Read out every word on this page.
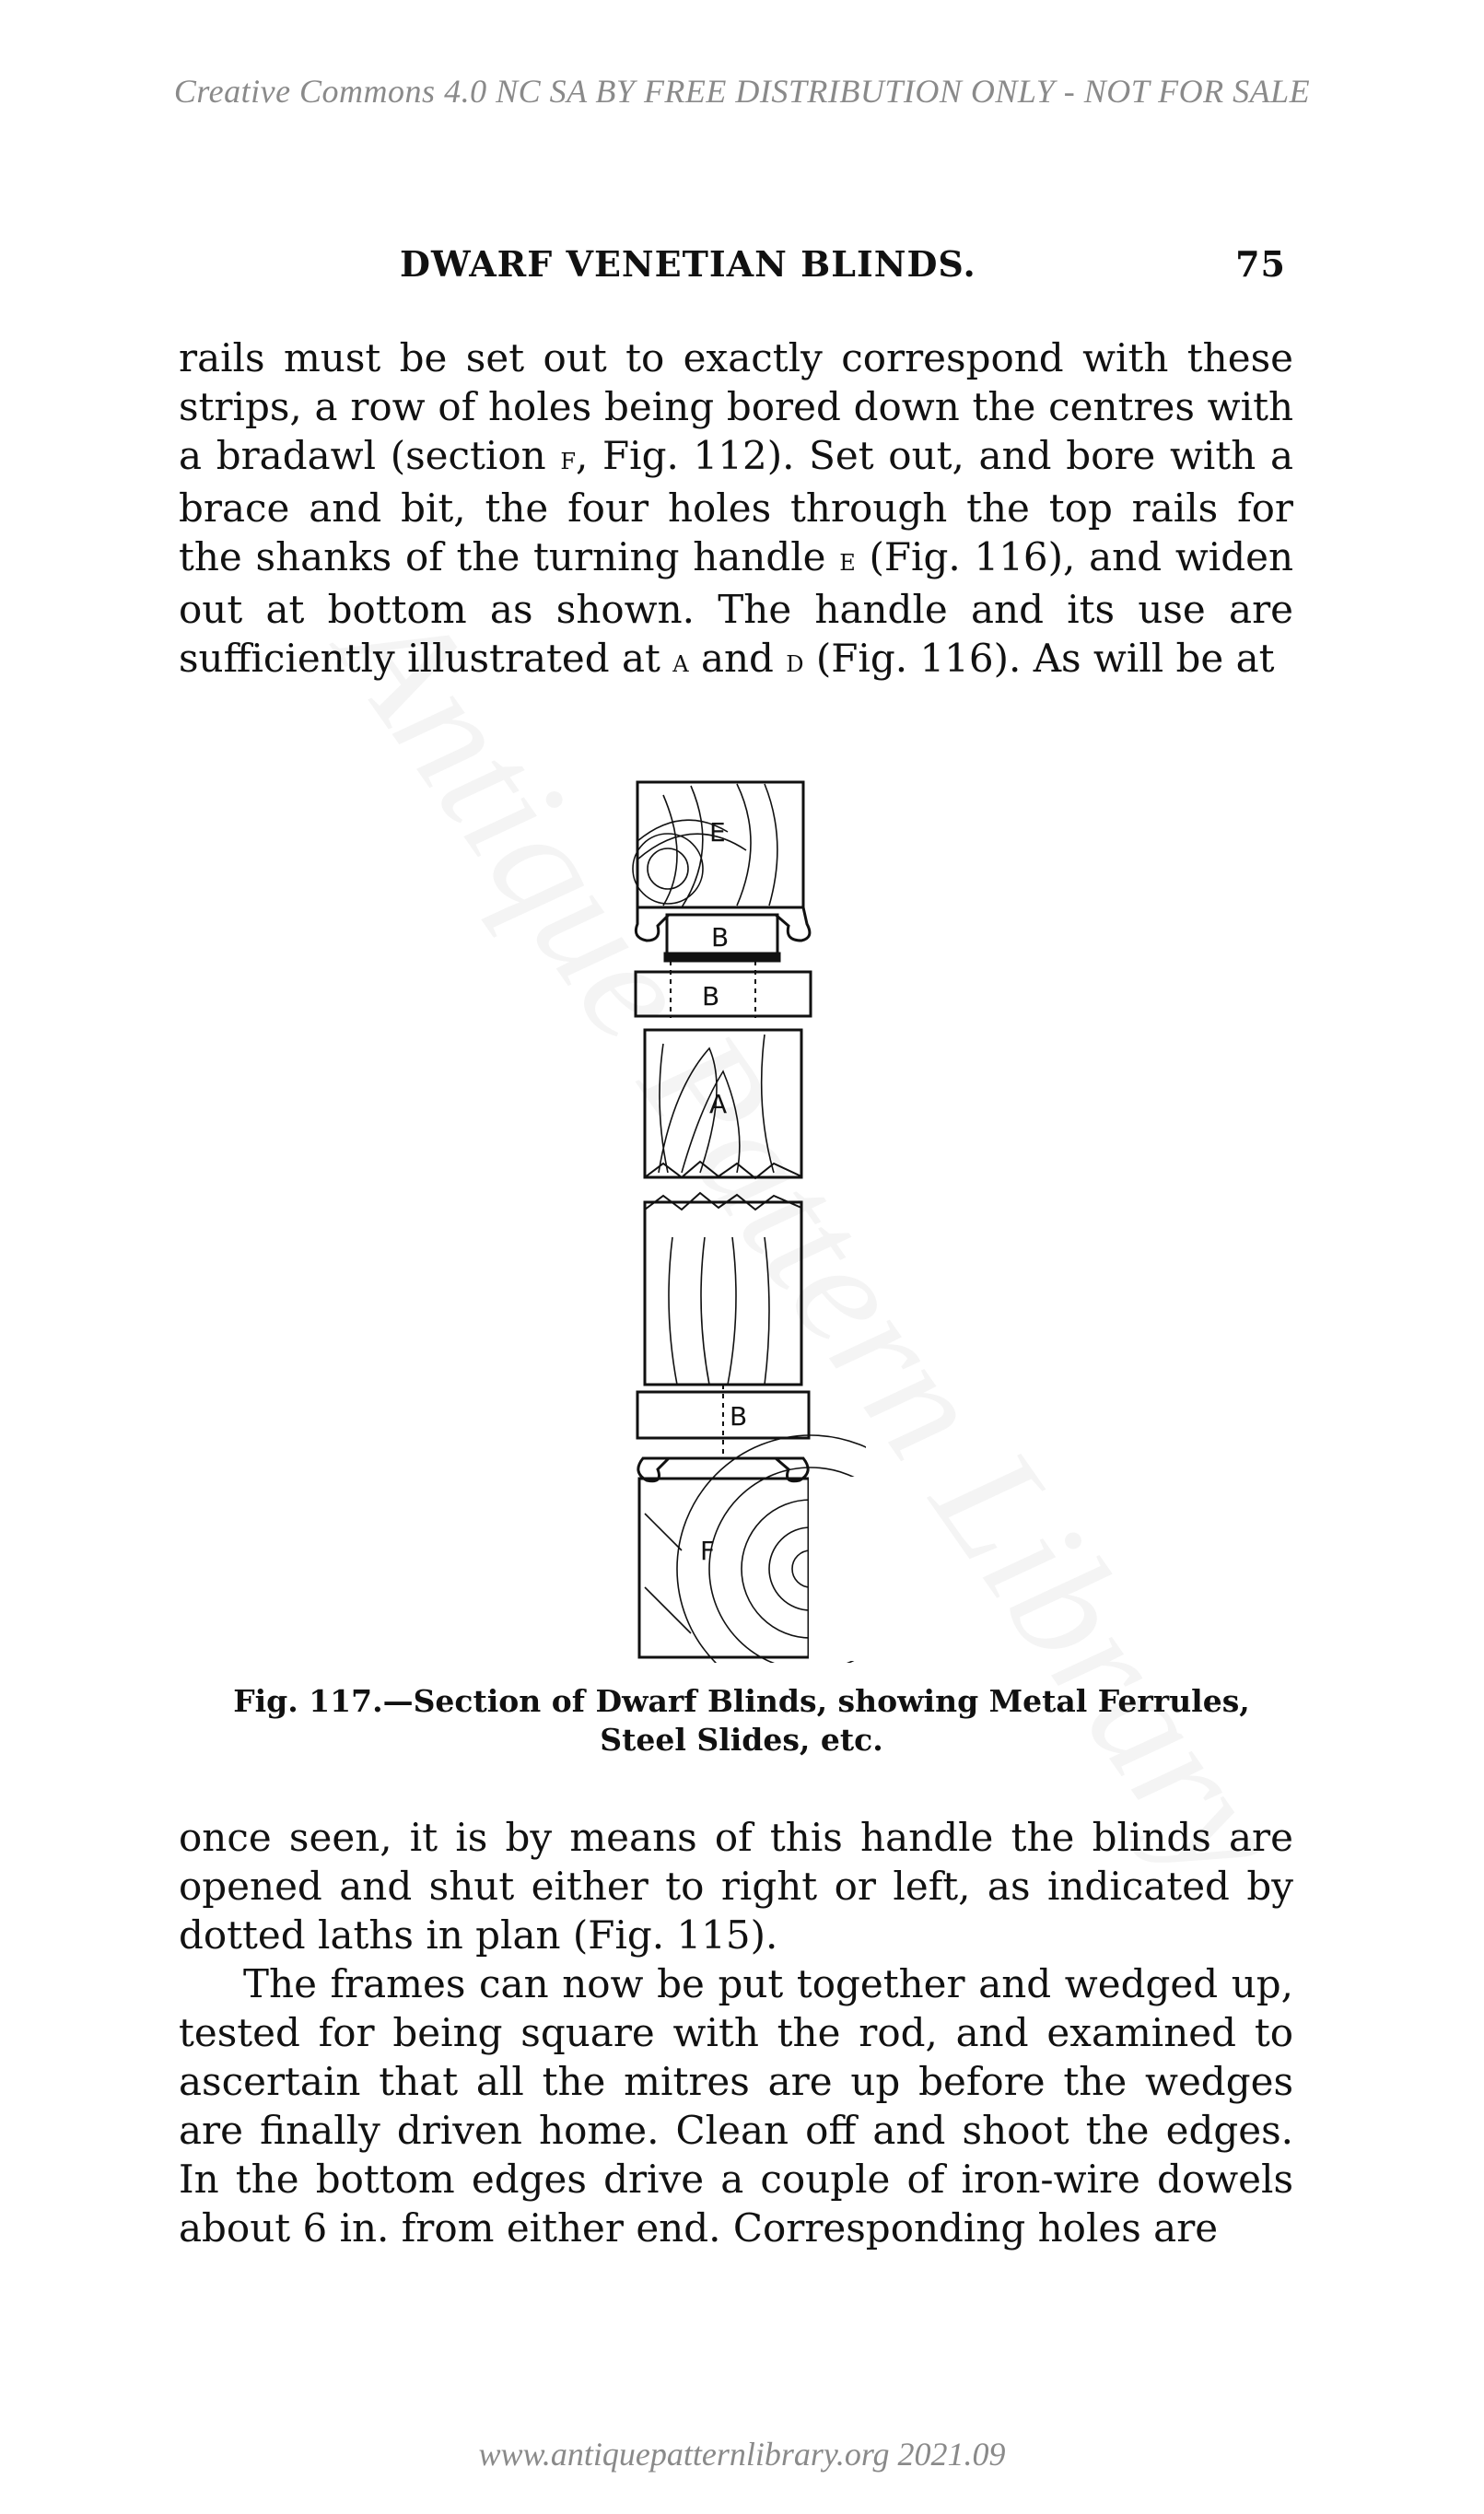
Creative Commons 4.0 NC SA BY FREE DISTRIBUTION ONLY - NOT FOR SALE
DWARF VENETIAN BLINDS.	75

rails must be set out to exactly correspond with these strips, a row of holes being bored down the centres with a bradawl (section f, Fig. 112). Set out, and bore with a brace and bit, the four holes through the top rails for the shanks of the turning handle e (Fig. 116), and widen out at bottom as shown. The handle and its use are sufficiently illustrated at a and d (Fig. 116). As will be at

E
B
B
A
B
F
Fig. 117.—Section of Dwarf Blinds, showing Metal Ferrules,
Steel Slides, etc.

once seen, it is by means of this handle the blinds are opened and shut either to right or left, as indicated by dotted laths in plan (Fig. 115).

The frames can now be put together and wedged up, tested for being square with the rod, and examined to ascertain that all the mitres are up before the wedges are finally driven home. Clean off and shoot the edges. In the bottom edges drive a couple of iron-wire dowels about 6 in. from either end. Corresponding holes are

www.antiquepatternlibrary.org 2021.09
